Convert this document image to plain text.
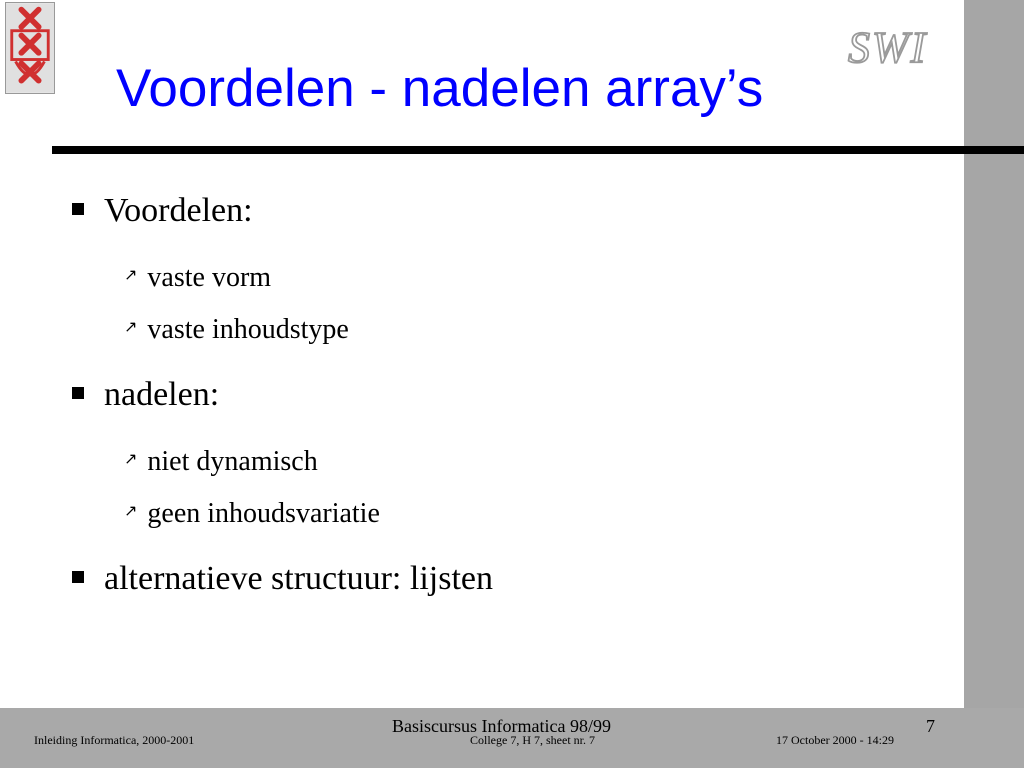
SWI
Voordelen - nadelen array’s
Voordelen:
↗ vaste vorm
↗ vaste inhoudstype
nadelen:
↗ niet dynamisch
↗ geen inhoudsvariatie
alternatieve structuur: lijsten
Basiscursus Informatica 98/99	7
Inleiding Informatica, 2000-2001	College 7, H 7, sheet nr. 7	17 October 2000 - 14:29
